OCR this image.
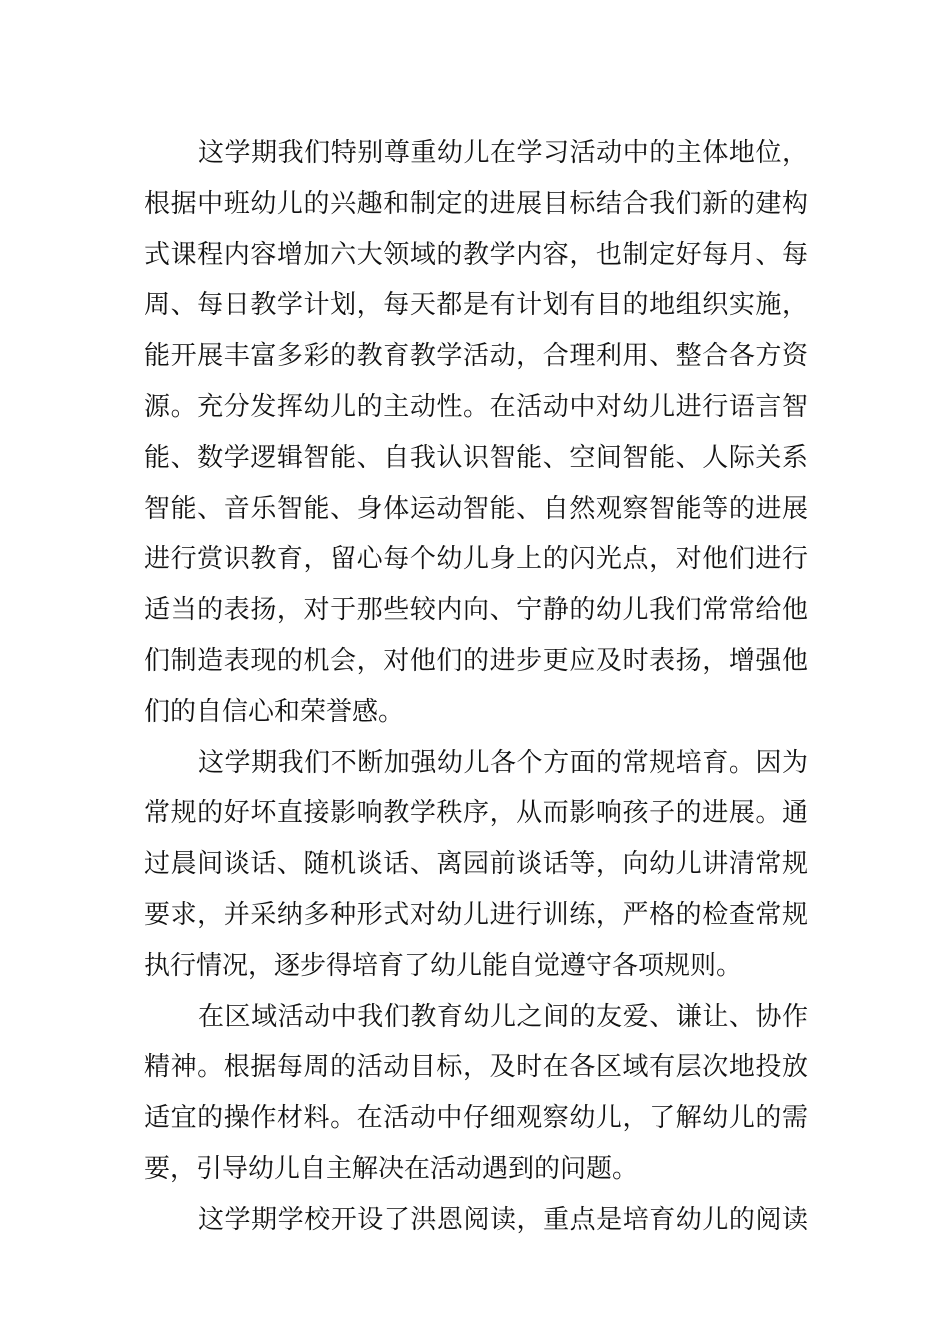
这学期我们特别尊重幼儿在学习活动中的主体地位，
根据中班幼儿的兴趣和制定的进展目标结合我们新的建构
式课程内容增加六大领域的教学内容，也制定好每月、每
周、每日教学计划，每天都是有计划有目的地组织实施，
能开展丰富多彩的教育教学活动，合理利用、整合各方资
源。充分发挥幼儿的主动性。在活动中对幼儿进行语言智
能、数学逻辑智能、自我认识智能、空间智能、人际关系
智能、音乐智能、身体运动智能、自然观察智能等的进展
进行赏识教育，留心每个幼儿身上的闪光点，对他们进行
适当的表扬，对于那些较内向、宁静的幼儿我们常常给他
们制造表现的机会，对他们的进步更应及时表扬，增强他
们的自信心和荣誉感。
这学期我们不断加强幼儿各个方面的常规培育。因为
常规的好坏直接影响教学秩序，从而影响孩子的进展。通
过晨间谈话、随机谈话、离园前谈话等，向幼儿讲清常规
要求，并采纳多种形式对幼儿进行训练，严格的检查常规
执行情况，逐步得培育了幼儿能自觉遵守各项规则。
在区域活动中我们教育幼儿之间的友爱、谦让、协作
精神。根据每周的活动目标，及时在各区域有层次地投放
适宜的操作材料。在活动中仔细观察幼儿，了解幼儿的需
要，引导幼儿自主解决在活动遇到的问题。
这学期学校开设了洪恩阅读，重点是培育幼儿的阅读
